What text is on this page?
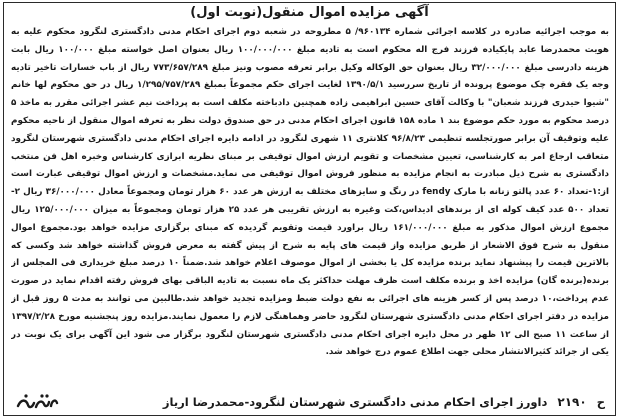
آگهی مزایده اموال منقول(نوبت اول)

به موجب اجرائیه صادره در کلاسه اجرائی شماره ۹۶۰۱۳۴/ ۵ مطروحه در شعبه دوم اجرای احکام مدنی دادگستری لنگرود محکوم علیه به هویت محمدرضا عابد پایکیاده فرزند فرج اله محکوم است به تادیه مبلغ ۱۰۰/۰۰۰/۰۰۰ ریال بعنوان اصل خواسته مبلغ ۱۰۰/۰۰۰ ریال بابت هزینه دادرسی مبلغ ۳۲/۰۰۰/۰۰۰ ریال بعنوان حق الوکاله وکیل برابر تعرفه مصوب ونیز مبلغ ۷۷۳/۶۵۷/۲۸۹ ریال از باب خسارات تاخیر تادیه وجه یک فقره چک موضوع پرونده از تاریخ سررسید ۱۳۹۰/۵/۱ لغایت اجرای حکم مجموعاً بمبلغ ۱/۲۹۵/۷۵۷/۲۸۹ ریال در حق محکوم لها خانم "شیوا حیدری فرزند شعبان" با وکالت آقای حسین ابراهیمی زاده همچنین دادباخته مکلف است به پرداخت نیم عشر اجرائی مقرر به ماخذ ۵ درصد محکوم به مورد حکم موضوع بند ۱ ماده ۱۵۸ قانون اجرای احکام مدنی در حق صندوق دولت نظر به تعرفه اموال منقول از ناحیه محکوم علیه وتوقیف آن برابر صورتجلسه تنظیمی ۹۶/۸/۲۳ کلانتری ۱۱ شهری لنگرود در ادامه دایره اجرای احکام مدنی دادگستری شهرستان لنگرود متعاقب ارجاع امر به کارشناسی، تعیین مشخصات و تقویم ارزش اموال توقیفی بر مبنای نظریه ابرازی کارشناس وخبره اهل فن منتخب دادگستری به شرح ذیل مبادرت به انجام مزایده به منظور فروش اموال توقیفی می نماید.مشخصات و ارزش اموال توقیفی عبارت است از:۱-تعداد ۶۰ عدد پالتو زنانه با مارک fendy در رنگ و سایزهای مختلف به ارزش هر عدد ۶۰ هزار تومان ومجموعاً معادل ۳۶/۰۰۰/۰۰۰ ریال ۲-تعداد ۵۰۰ عدد کیف کوله ای از برندهای ادیداس،کت وغیره به ارزش تقریبی هر عدد ۲۵ هزار تومان ومجموعاً به میزان ۱۲۵/۰۰۰/۰۰۰ ریال مجموع ارزش اموال مذکور به مبلغ ۱۶۱/۰۰۰/۰۰۰ ریال براورد قیمت وتقویم گردیده که مبنای برگزاری مزایده خواهد بود.مجموع اموال منقول به شرح فوق الاشعار از طریق مزایده واز قیمت های پایه به شرح از پیش گفته به معرض فروش گذاشته خواهد شد وکسی که بالاترین قیمت را پیشنهاد نماید برنده مزایده کل یا بخشی از اموال موصوف اعلام خواهد شد.ضمناً ۱۰ درصد مبلغ خریداری فی المجلس از برنده(برنده گان) مزایده اخذ و برنده مکلف است ظرف مهلت حداکثر یک ماه نسبت به تادیه الباقی بهای فروش رفته اقدام نماید در صورت عدم پرداخت،۱۰ درصد پس از کسر هزینه های اجرائی به نفع دولت ضبط ومزایده تجدید خواهد شد.طالبین می توانند به مدت ۵ روز قبل از مزایده در دفتر اجرای احکام مدنی دادگستری شهرستان لنگرود حاضر وهماهنگی لازم را معمول نمایند.مزایده روز پنجشنبه مورخ ۱۳۹۷/۲/۲۸ از ساعت ۱۱ صبح الی ۱۲ ظهر در محل دایره اجرای احکام مدنی دادگستری شهرستان لنگرود برگزار می شود این آگهی برای یک نوبت در یکی از جرائد کثیرالانتشار محلی جهت اطلاع عموم درج خواهد شد.

ح
۲۱۹۰
داورز اجرای احکام مدنی دادگستری شهرستان لنگرود-محمدرضا اریاز
